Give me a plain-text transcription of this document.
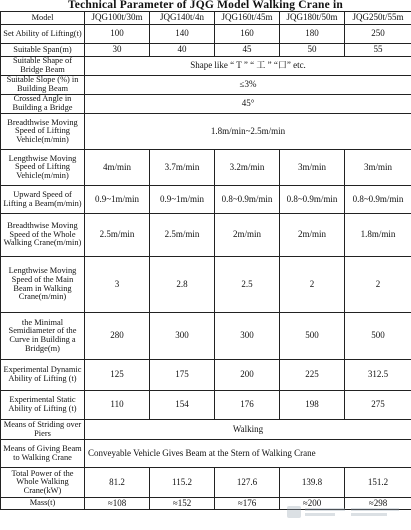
Technical Parameter of JQG Model Walking Crane in
Model	JQG100t/30m	JQG140t/4n	JQG160t/45m	JQG180t/50m	JQG250t/55m
Set Ability of Lifting(t)	100	140	160	180	250
Suitable Span(m)	30	40	45	50	55
Suitable Shape of Bridge Beam	Shape like “ T ” “ 工 ” “口” etc.				
Suitable Slope (%) in Building Beam	≤3%				
Crossed Angle in Building a Bridge	45°				
Breadthwise Moving Speed of Lifting Vehicle(m/min)	1.8m/min~2.5m/min				
Lengthwise Moving Speed of Lifting Vehicle(m/min)	4m/min	3.7m/min	3.2m/min	3m/min	3m/min
Upward Speed of Lifting a Beam(m/min)	0.9~1m/min	0.9~1m/min	0.8~0.9m/min	0.8~0.9m/min	0.8~0.9m/min
Breadthwise Moving Speed of the Whole Walking Crane(m/min)	2.5m/min	2.5m/min	2m/min	2m/min	1.8m/min
Lengthwise Moving Speed of the Main Beam in Walking Crane(m/min)	3	2.8	2.5	2	2
the Minimal Semidiameter of the Curve in Building a Bridge(m)	280	300	300	500	500
Experimental Dynamic Ability of Lifting (t)	125	175	200	225	312.5
Experimental Static Ability of Lifting (t)	110	154	176	198	275
Means of Striding over Piers	Walking				
Means of Giving Beam to Walking Crane	Conveyable Vehicle Gives Beam at the Stern of Walking Crane				
Total Power of the Whole Walking Crane(kW)	81.2	115.2	127.6	139.8	151.2
Mass(t)	≈108	≈152	≈176	≈200	≈298
